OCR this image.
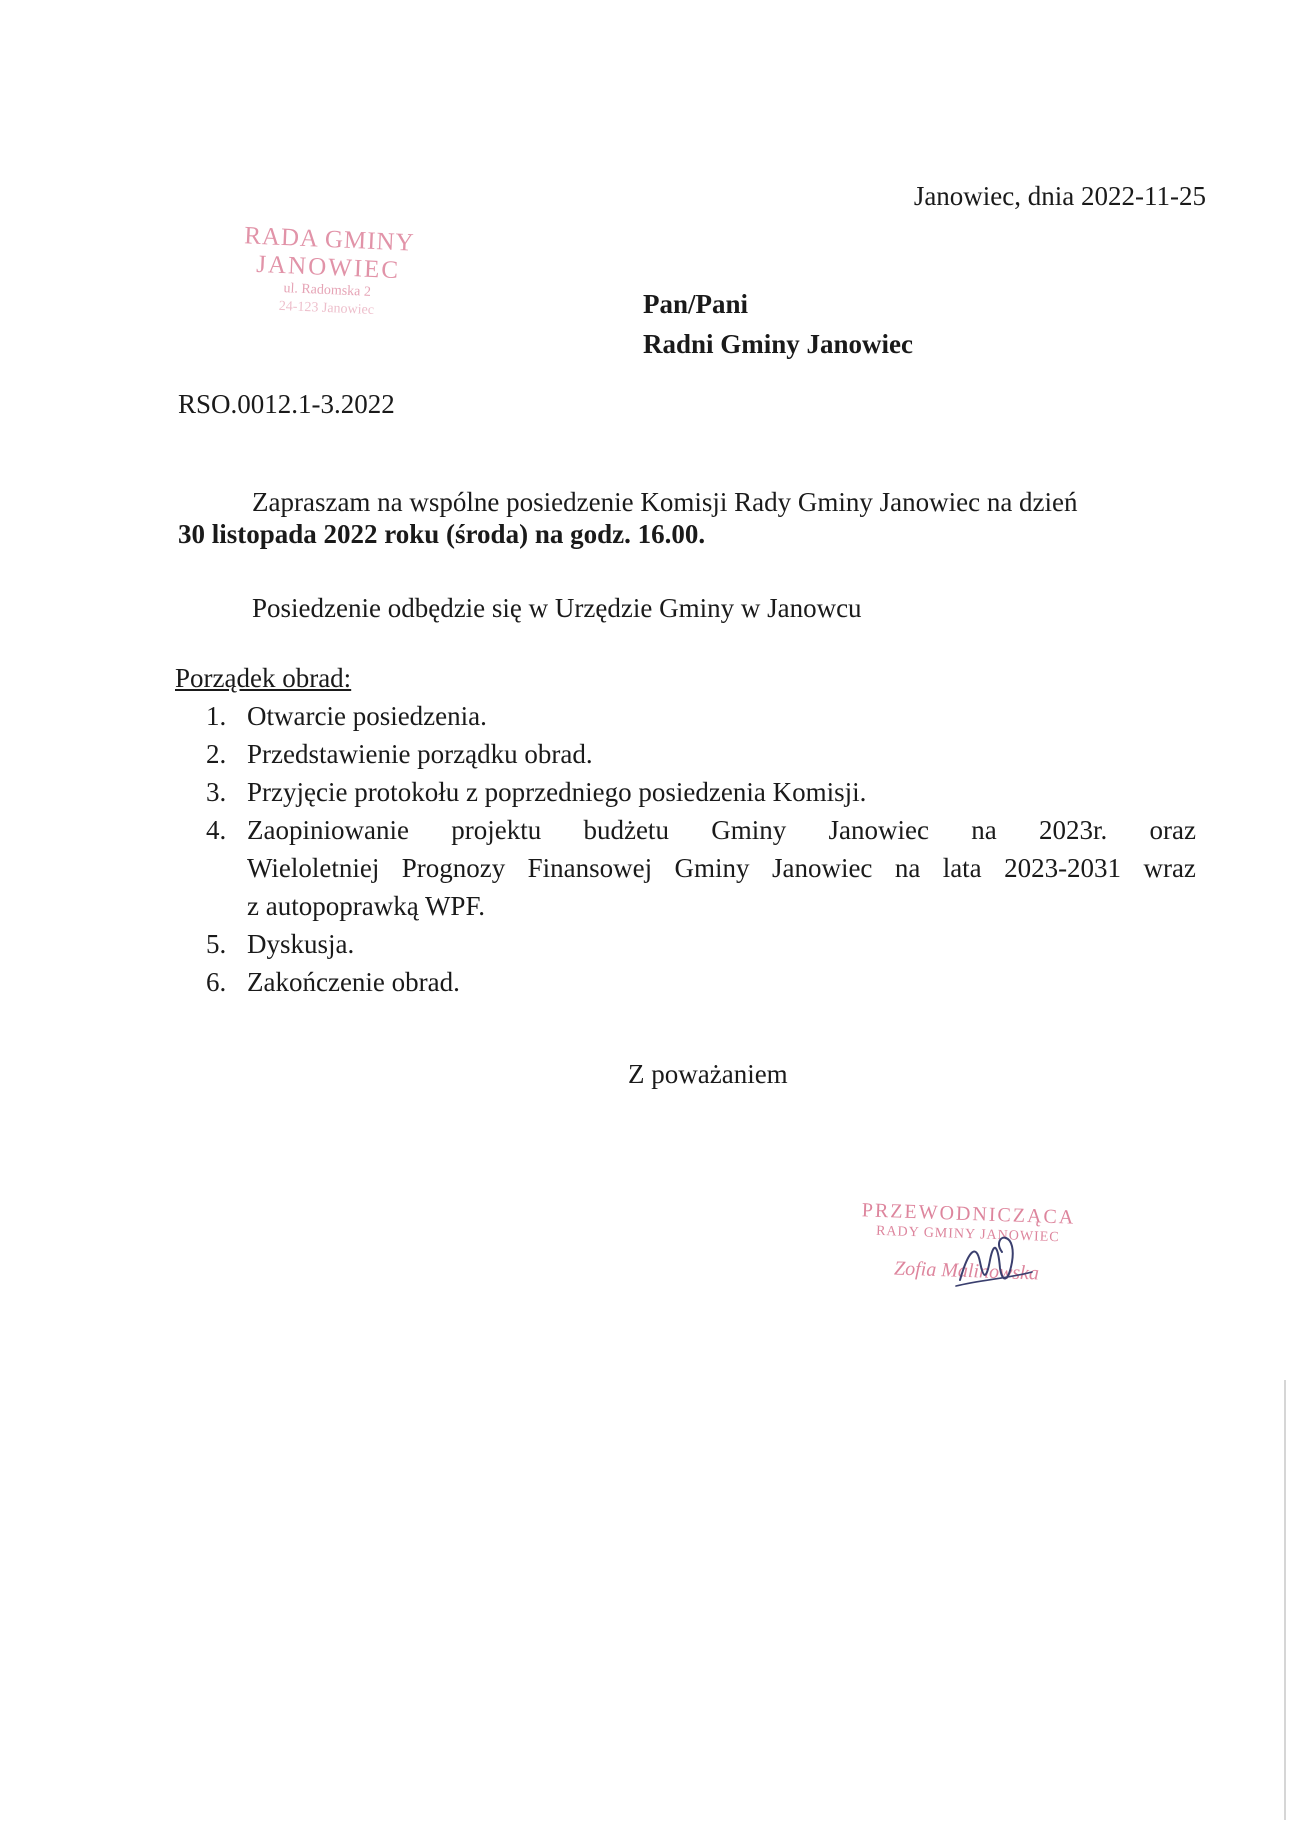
Janowiec, dnia 2022-11-25
RADA GMINY
JANOWIEC
ul. Radomska 2
24-123 Janowiec	Pan/Pani
Radni Gminy Janowiec
RSO.0012.1-3.2022
Zapraszam na wspólne posiedzenie Komisji Rady Gminy Janowiec na dzień
30 listopada 2022 roku (środa) na godz. 16.00.
Posiedzenie odbędzie się w Urzędzie Gminy w Janowcu
Porządek obrad:
1. Otwarcie posiedzenia.
2. Przedstawienie porządku obrad.
3. Przyjęcie protokołu z poprzedniego posiedzenia Komisji.
4. Zaopiniowanie projektu budżetu Gminy Janowiec na 2023r. oraz
Wieloletniej Prognozy Finansowej Gminy Janowiec na lata 2023-2031 wraz
z autopoprawką WPF.
5. Dyskusja.
6. Zakończenie obrad.
Z poważaniem
PRZEWODNICZĄCA
RADY GMINY JANOWIEC
Zofia Malinowska
